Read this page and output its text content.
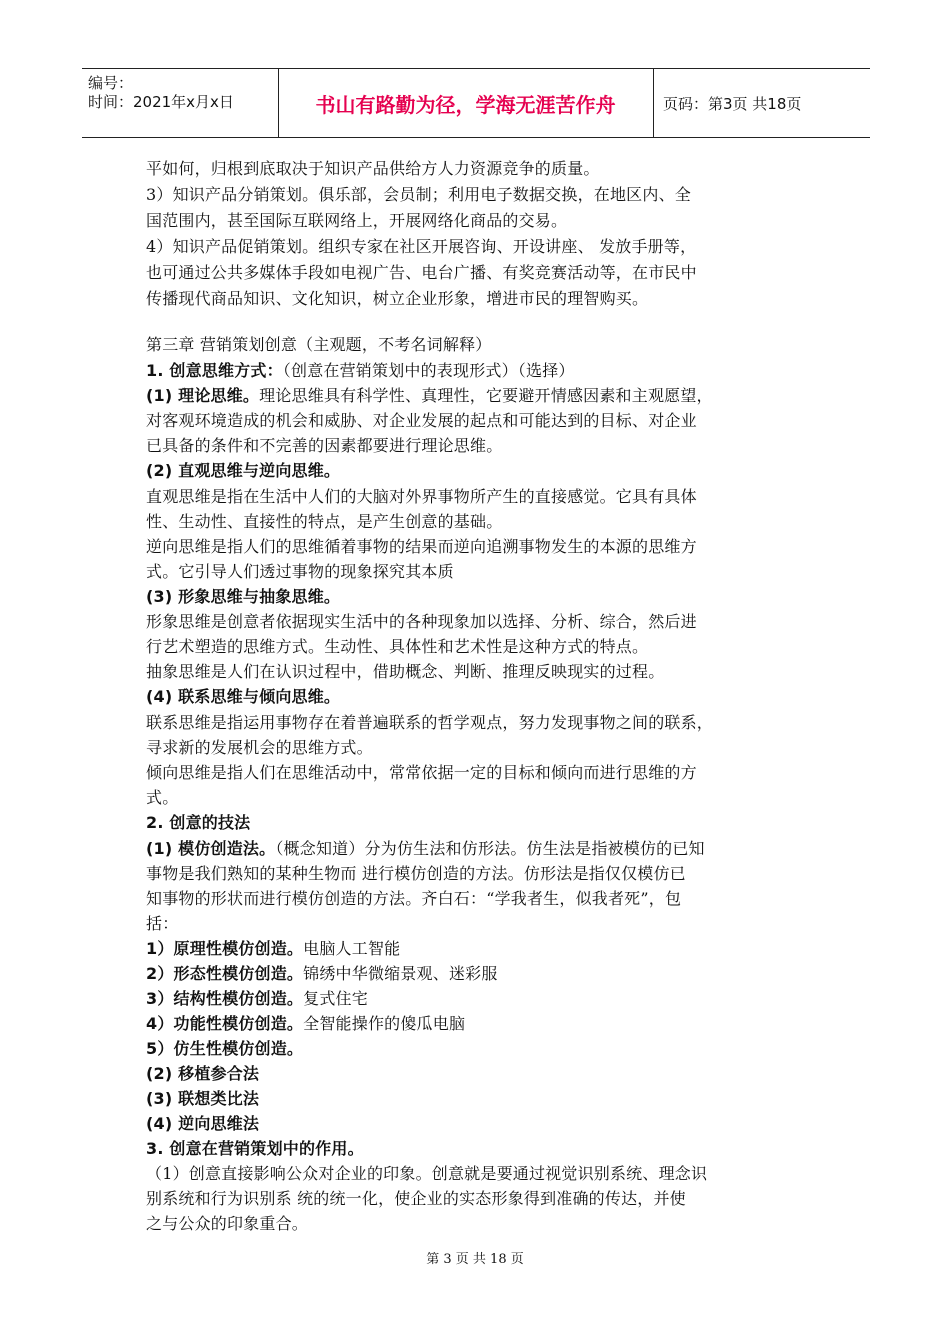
编号：
时间：2021年x月x日	书山有路勤为径，学海无涯苦作舟	页码：第3页 共18页
平如何，归根到底取决于知识产品供给方人力资源竞争的质量。
3）知识产品分销策划。俱乐部，会员制；利用电子数据交换，在地区内、全
国范围内，甚至国际互联网络上，开展网络化商品的交易。
4）知识产品促销策划。组织专家在社区开展咨询、开设讲座、 发放手册等，
也可通过公共多媒体手段如电视广告、电台广播、有奖竞赛活动等，在市民中
传播现代商品知识、文化知识，树立企业形象，增进市民的理智购买。
第三章 营销策划创意（主观题，不考名词解释）
1. 创意思维方式：（创意在营销策划中的表现形式）（选择）
(1) 理论思维。理论思维具有科学性、真理性，它要避开情感因素和主观愿望，
对客观环境造成的机会和威胁、对企业发展的起点和可能达到的目标、对企业
已具备的条件和不完善的因素都要进行理论思维。
(2) 直观思维与逆向思维。
直观思维是指在生活中人们的大脑对外界事物所产生的直接感觉。它具有具体
性、生动性、直接性的特点，是产生创意的基础。
逆向思维是指人们的思维循着事物的结果而逆向追溯事物发生的本源的思维方
式。它引导人们透过事物的现象探究其本质
(3) 形象思维与抽象思维。
形象思维是创意者依据现实生活中的各种现象加以选择、分析、综合，然后进
行艺术塑造的思维方式。生动性、具体性和艺术性是这种方式的特点。
抽象思维是人们在认识过程中，借助概念、判断、推理反映现实的过程。
(4) 联系思维与倾向思维。
联系思维是指运用事物存在着普遍联系的哲学观点，努力发现事物之间的联系，
寻求新的发展机会的思维方式。
倾向思维是指人们在思维活动中，常常依据一定的目标和倾向而进行思维的方
式。
2. 创意的技法
(1) 模仿创造法。（概念知道）分为仿生法和仿形法。仿生法是指被模仿的已知
事物是我们熟知的某种生物而 进行模仿创造的方法。仿形法是指仅仅模仿已
知事物的形状而进行模仿创造的方法。齐白石：“学我者生，似我者死”，包
括：
1）原理性模仿创造。电脑人工智能
2）形态性模仿创造。锦绣中华微缩景观、迷彩服
3）结构性模仿创造。复式住宅
4）功能性模仿创造。全智能操作的傻瓜电脑
5）仿生性模仿创造。
(2) 移植参合法
(3) 联想类比法
(4) 逆向思维法
3. 创意在营销策划中的作用。
（1）创意直接影响公众对企业的印象。创意就是要通过视觉识别系统、理念识
别系统和行为识别系 统的统一化，使企业的实态形象得到准确的传达，并使
之与公众的印象重合。
第 3 页 共 18 页
